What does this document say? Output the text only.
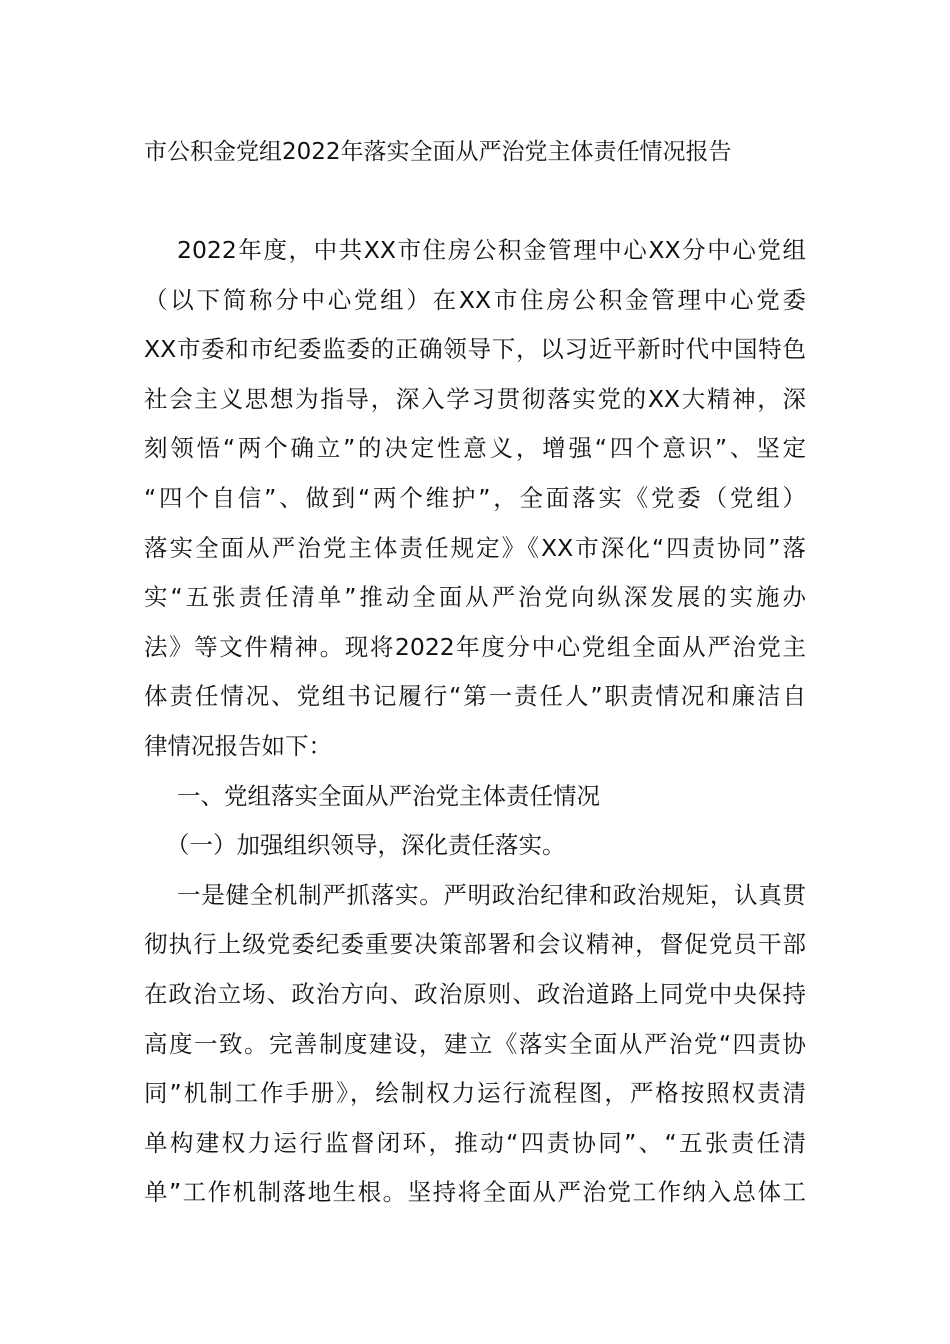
市公积金党组2022年落实全面从严治党主体责任情况报告
2022年度，中共XX市住房公积金管理中心XX分中心党组
（以下简称分中心党组）在XX市住房公积金管理中心党委
XX市委和市纪委监委的正确领导下，以习近平新时代中国特色
社会主义思想为指导，深入学习贯彻落实党的XX大精神，深
刻领悟“两个确立”的决定性意义，增强“四个意识”、坚定
“四个自信”、做到“两个维护”，全面落实《党委（党组）
落实全面从严治党主体责任规定》《XX市深化“四责协同”落
实“五张责任清单”推动全面从严治党向纵深发展的实施办
法》等文件精神。现将2022年度分中心党组全面从严治党主
体责任情况、党组书记履行“第一责任人”职责情况和廉洁自
律情况报告如下：
一、党组落实全面从严治党主体责任情况
（一）加强组织领导，深化责任落实。
一是健全机制严抓落实。严明政治纪律和政治规矩，认真贯
彻执行上级党委纪委重要决策部署和会议精神，督促党员干部
在政治立场、政治方向、政治原则、政治道路上同党中央保持
高度一致。完善制度建设，建立《落实全面从严治党“四责协
同”机制工作手册》，绘制权力运行流程图，严格按照权责清
单构建权力运行监督闭环，推动“四责协同”、“五张责任清
单”工作机制落地生根。坚持将全面从严治党工作纳入总体工
